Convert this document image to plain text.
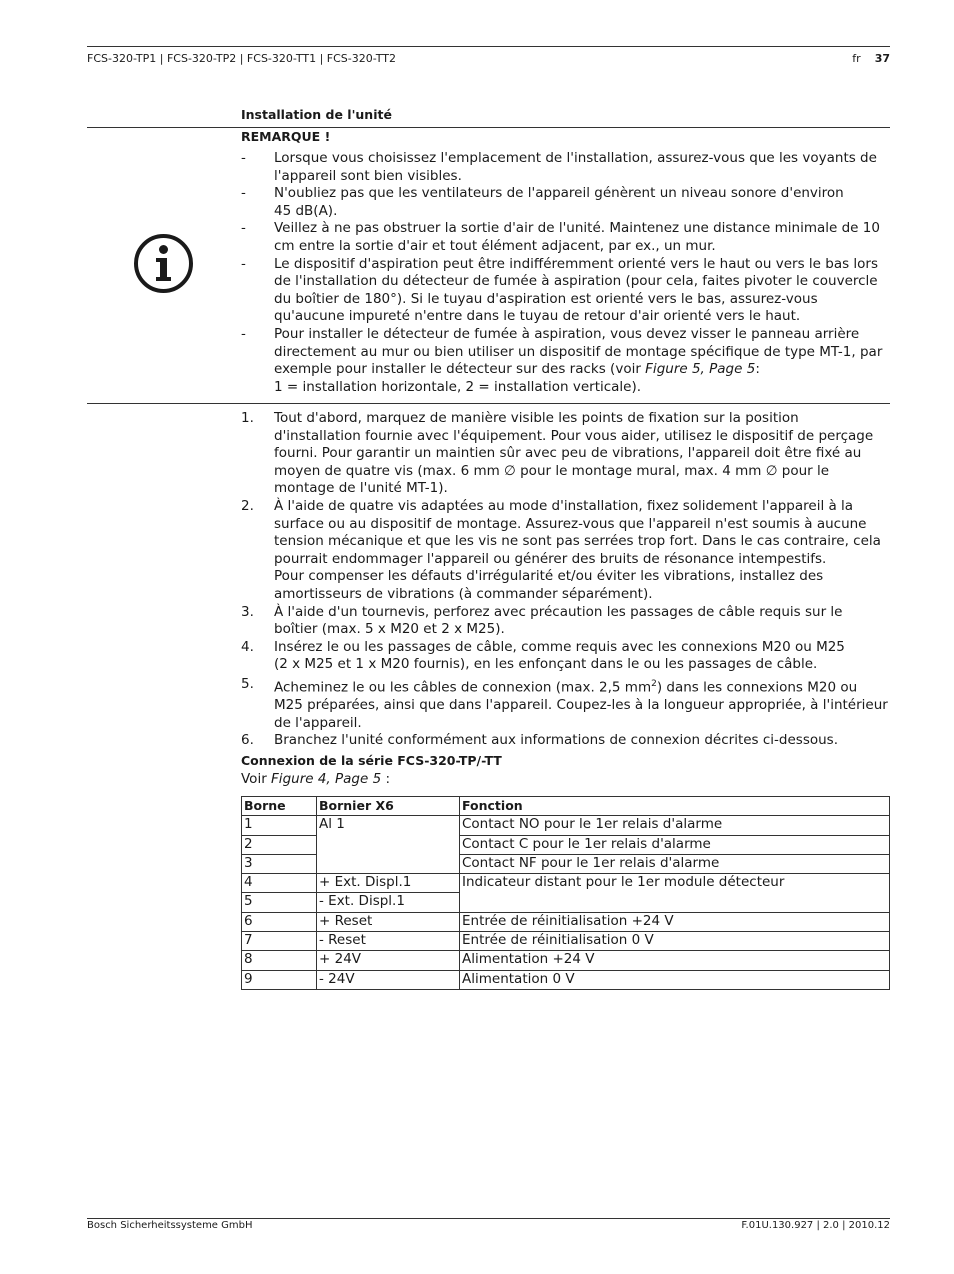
FCS-320-TP1 | FCS-320-TP2 | FCS-320-TT1 | FCS-320-TT2	fr 37
Installation de l'unité
REMARQUE !
- Lorsque vous choisissez l'emplacement de l'installation, assurez-vous que les voyants de l'appareil sont bien visibles.
- N'oubliez pas que les ventilateurs de l'appareil génèrent un niveau sonore d'environ
45 dB(A).
- Veillez à ne pas obstruer la sortie d'air de l'unité. Maintenez une distance minimale de 10 cm entre la sortie d'air et tout élément adjacent, par ex., un mur.
- Le dispositif d'aspiration peut être indifféremment orienté vers le haut ou vers le bas lors de l'installation du détecteur de fumée à aspiration (pour cela, faites pivoter le couvercle du boîtier de 180°). Si le tuyau d'aspiration est orienté vers le bas, assurez-vous qu'aucune impureté n'entre dans le tuyau de retour d'air orienté vers le haut.
- Pour installer le détecteur de fumée à aspiration, vous devez visser le panneau arrière directement au mur ou bien utiliser un dispositif de montage spécifique de type MT-1, par exemple pour installer le détecteur sur des racks (voir Figure 5, Page 5:
1 = installation horizontale, 2 = installation verticale).
1. Tout d'abord, marquez de manière visible les points de fixation sur la position d'installation fournie avec l'équipement. Pour vous aider, utilisez le dispositif de perçage fourni. Pour garantir un maintien sûr avec peu de vibrations, l'appareil doit être fixé au moyen de quatre vis (max. 6 mm ∅ pour le montage mural, max. 4 mm ∅ pour le montage de l'unité MT-1).
2. À l'aide de quatre vis adaptées au mode d'installation, fixez solidement l'appareil à la surface ou au dispositif de montage. Assurez-vous que l'appareil n'est soumis à aucune tension mécanique et que les vis ne sont pas serrées trop fort. Dans le cas contraire, cela pourrait endommager l'appareil ou générer des bruits de résonance intempestifs.
Pour compenser les défauts d'irrégularité et/ou éviter les vibrations, installez des amortisseurs de vibrations (à commander séparément).
3. À l'aide d'un tournevis, perforez avec précaution les passages de câble requis sur le boîtier (max. 5 x M20 et 2 x M25).
4. Insérez le ou les passages de câble, comme requis avec les connexions M20 ou M25
(2 x M25 et 1 x M20 fournis), en les enfonçant dans le ou les passages de câble.
5. Acheminez le ou les câbles de connexion (max. 2,5 $mm^2$) dans les connexions M20 ou M25 préparées, ainsi que dans l'appareil. Coupez-les à la longueur appropriée, à l'intérieur de l'appareil.
6. Branchez l'unité conformément aux informations de connexion décrites ci-dessous.
Connexion de la série FCS-320-TP/-TT
Voir Figure 4, Page 5 :
Borne	Bornier X6	Fonction
1	Al 1	Contact NO pour le 1er relais d'alarme
2		Contact C pour le 1er relais d'alarme
3		Contact NF pour le 1er relais d'alarme
4	+ Ext. Displ.1	Indicateur distant pour le 1er module détecteur
5	- Ext. Displ.1	
6	+ Reset	Entrée de réinitialisation +24 V
7	- Reset	Entrée de réinitialisation 0 V
8	+ 24V	Alimentation +24 V
9	- 24V	Alimentation 0 V
Bosch Sicherheitssysteme GmbH	F.01U.130.927 | 2.0 | 2010.12
